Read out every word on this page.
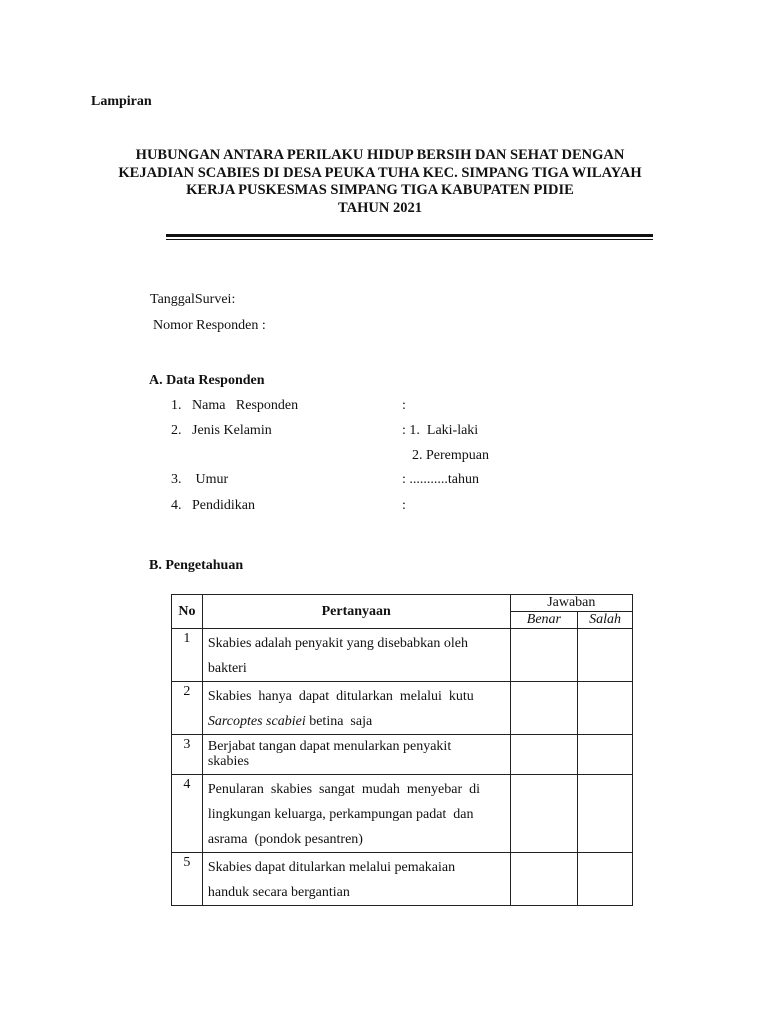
Lampiran
HUBUNGAN ANTARA PERILAKU HIDUP BERSIH DAN SEHAT DENGAN
KEJADIAN SCABIES DI DESA PEUKA TUHA KEC. SIMPANG TIGA WILAYAH
KERJA PUSKESMAS SIMPANG TIGA KABUPATEN PIDIE
TAHUN 2021
TanggalSurvei:
Nomor Responden :
A. Data Responden
1. Nama   Responden	:
2. Jenis Kelamin	: 1.  Laki-laki
2. Perempuan
3. Umur	: ...........tahun
4. Pendidikan	:
B. Pengetahuan
No	Pertanyaan	Jawaban	
		Benar	Salah
1	Skabies adalah penyakit yang disebabkan oleh
bakteri		

2	Skabies  hanya  dapat  ditularkan  melalui  kutu
Sarcoptes scabiei betina  saja		

3	Berjabat tangan dapat menularkan penyakit
skabies		

4	Penularan  skabies  sangat  mudah  menyebar  di
lingkungan keluarga, perkampungan padat  dan
asrama  (pondok pesantren)		

5	Skabies dapat ditularkan melalui pemakaian
handuk secara bergantian		
